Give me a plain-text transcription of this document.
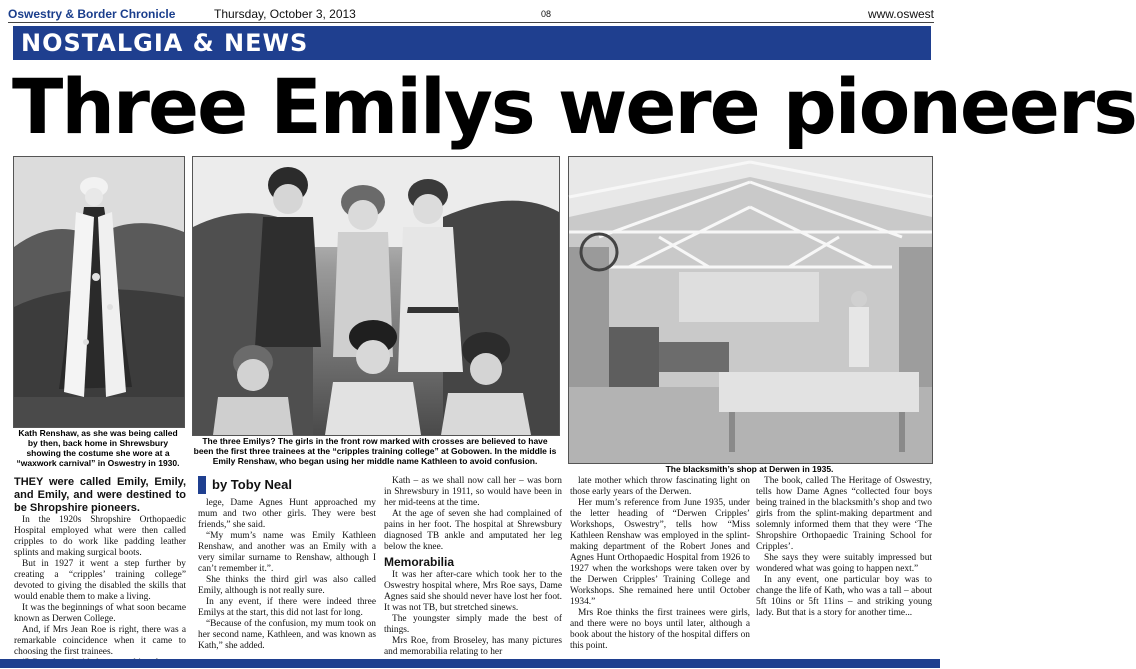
Oswestry & Border Chronicle	Thursday, October 3, 2013	08	www.oswest
NOSTALGIA & NEWS
Three Emilys were pioneers
Kath Renshaw, as she was being called by then, back home in Shrewsbury showing the costume she wore at a “waxwork carnival” in Oswestry in 1930.
The three Emilys? The girls in the front row marked with crosses are believed to have been the first three trainees at the “cripples training college” at Gobowen. In the middle is Emily Renshaw, who began using her middle name Kathleen to avoid confusion.
The blacksmith’s shop at Derwen in 1935.
THEY were called Emily, Emily, and Emily, and were destined to be Shropshire pioneers.

In the 1920s Shropshire Orthopaedic Hospital employed what were then called cripples to do work like padding leather splints and making surgical boots.

But in 1927 it went a step further by creating a “cripples’ training college” devoted to giving the disabled the skills that would enable them to make a living.

It was the beginnings of what soon became known as Derwen College.

And, if Mrs Jean Roe is right, there was a remarkable coincidence when it came to choosing the first trainees.

by Toby Neal

lege, Dame Agnes Hunt approached my mum and two other girls. They were best friends,” she said.

“My mum’s name was Emily Kathleen Renshaw, and another was an Emily with a very similar surname to Renshaw, although I can’t remember it.”.

She thinks the third girl was also called Emily, although is not really sure.

In any event, if there were indeed three Emilys at the start, this did not last for long.

“Because of the confusion, my mum took on her second name, Kathleen, and was known as Kath,” she added.

Kath – as we shall now call her – was born in Shrewsbury in 1911, so would have been in her mid-teens at the time.

At the age of seven she had complained of pains in her foot. The hospital at Shrewsbury diagnosed TB ankle and amputated her leg below the knee.

Memorabilia

It was her after-care which took her to the Oswestry hospital where, Mrs Roe says, Dame Agnes said she should never have lost her foot. It was not TB, but stretched sinews.

The youngster simply made the best of things.

Mrs Roe, from Broseley, has many pictures and memorabilia relating to her

late mother which throw fascinating light on those early years of the Derwen.

Her mum’s reference from June 1935, under the letter heading of “Derwen Cripples’ Workshops, Oswestry”, tells how “Miss Kathleen Renshaw was employed in the splint-making department of the Robert Jones and Agnes Hunt Orthopaedic Hospital from 1926 to 1927 when the workshops were taken over by the Derwen Cripples’ Training College and Workshops. She remained here until October 1934.”

Mrs Roe thinks the first trainees were girls, and there were no boys until later, although a book about the history of the hospital differs on this point.

The book, called The Heritage of Oswestry, tells how Dame Agnes “collected four boys being trained in the blacksmith’s shop and two girls from the splint-making department and solemnly informed them that they were ‘The Shropshire Orthopaedic Training School for Cripples’.

She says they were suitably impressed but wondered what was going to happen next.”

In any event, one particular boy was to change the life of Kath, who was a tall – about 5ft 10ins or 5ft 11ins – and striking young lady. But that is a story for another time...
